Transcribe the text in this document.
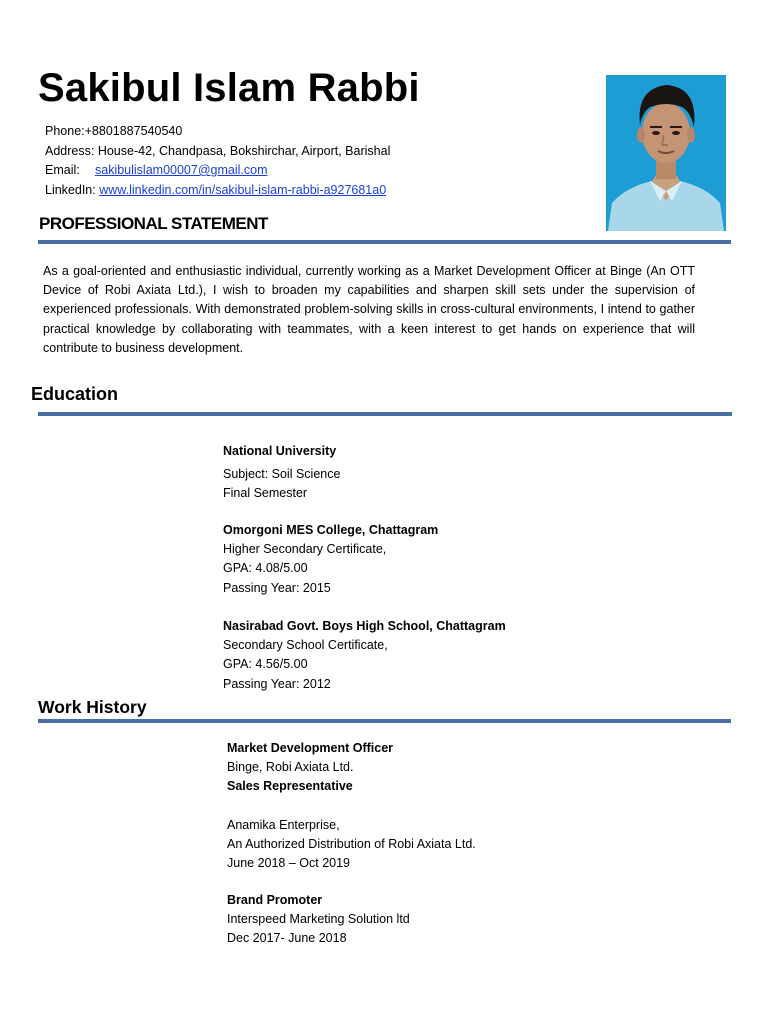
Sakibul Islam Rabbi
Phone:+8801887540540
Address: House-42, Chandpasa, Bokshirchar, Airport, Barishal
Email: sakibulislam00007@gmail.com
LinkedIn: www.linkedin.com/in/sakibul-islam-rabbi-a927681a0
PROFESSIONAL STATEMENT
As a goal-oriented and enthusiastic individual, currently working as a Market Development Officer at Binge (An OTT Device of Robi Axiata Ltd.), I wish to broaden my capabilities and sharpen skill sets under the supervision of experienced professionals. With demonstrated problem-solving skills in cross-cultural environments, I intend to gather practical knowledge by collaborating with teammates, with a keen interest to get hands on experience that will contribute to business development.
Education
National University
Subject: Soil Science
Final Semester
Omorgoni MES College, Chattagram
Higher Secondary Certificate,
GPA: 4.08/5.00
Passing Year: 2015
Nasirabad Govt. Boys High School, Chattagram
Secondary School Certificate,
GPA: 4.56/5.00
Passing Year: 2012
Work History
Market Development Officer
Binge, Robi Axiata Ltd.
Sales Representative
Anamika Enterprise,
An Authorized Distribution of Robi Axiata Ltd.
June 2018 – Oct 2019
Brand Promoter
Interspeed Marketing Solution ltd
Dec 2017- June 2018
